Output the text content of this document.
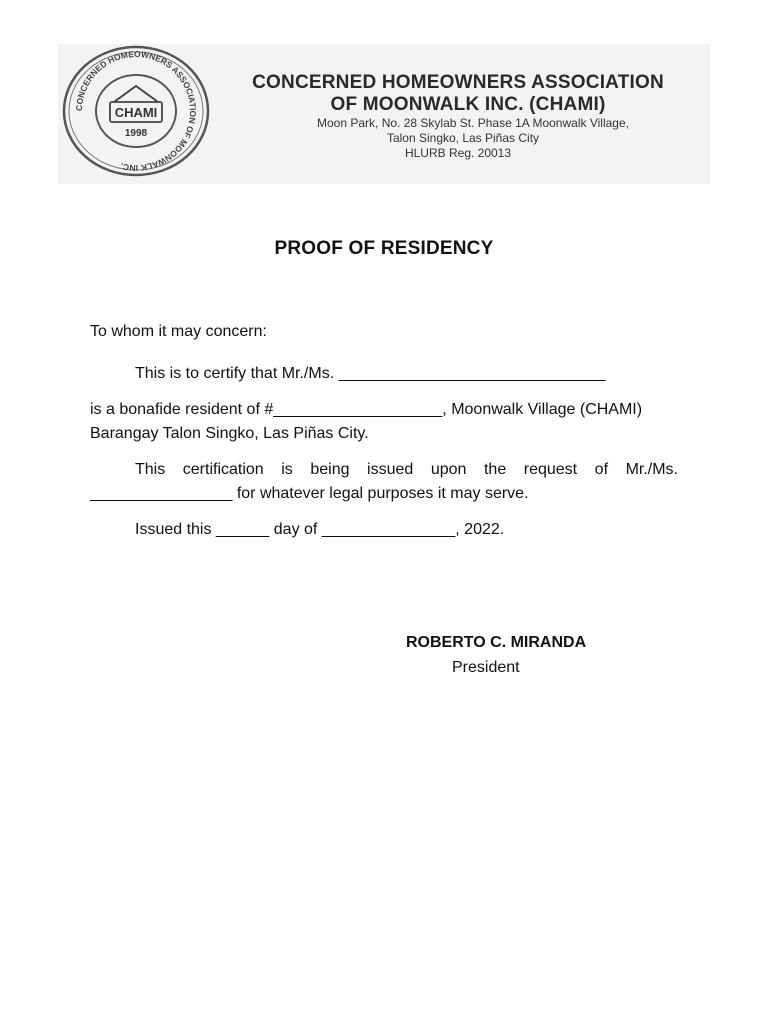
CONCERNED HOMEOWNERS ASSOCIATION OF MOONWALK INC.
CHAMI
1998
CONCERNED HOMEOWNERS ASSOCIATION
OF MOONWALK INC. (CHAMI)
Moon Park, No. 28 Skylab St. Phase 1A Moonwalk Village,
Talon Singko, Las Piñas City
HLURB Reg. 20013
PROOF OF RESIDENCY

To whom it may concern:

This is to certify that Mr./Ms. ______________________________

is a bonafide resident of #___________________, Moonwalk Village (CHAMI) Barangay Talon Singko, Las Piñas City.

This certification is being issued upon the request of Mr./Ms. ________________ for whatever legal purposes it may serve.

Issued this ______ day of _______________, 2022.

ROBERTO C. MIRANDA
President
